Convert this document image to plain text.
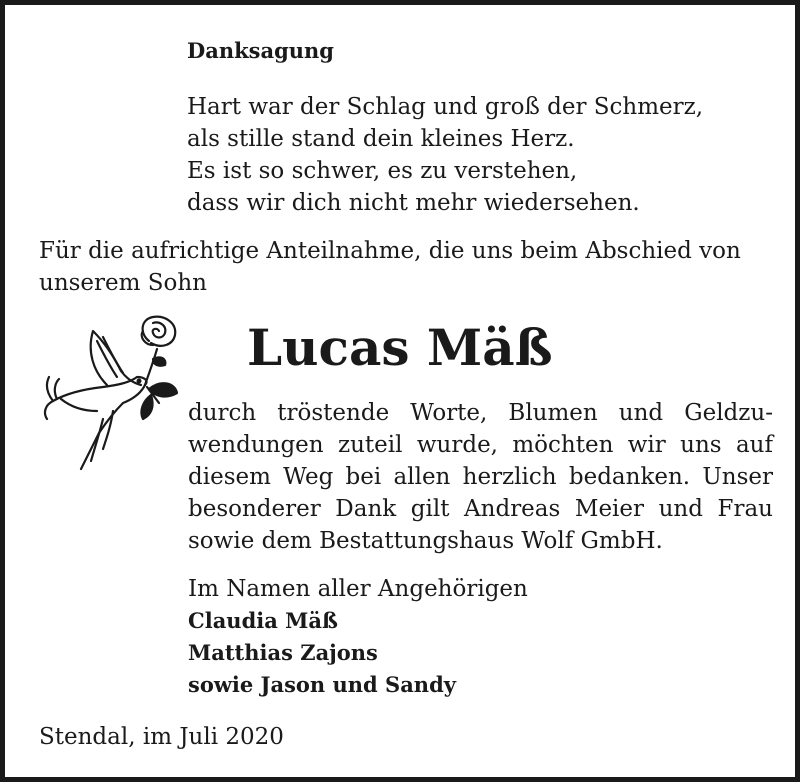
Danksagung
Hart war der Schlag und groß der Schmerz,
als stille stand dein kleines Herz.
Es ist so schwer, es zu verstehen,
dass wir dich nicht mehr wiedersehen.
Für die aufrichtige Anteilnahme, die uns beim Abschied von
unserem Sohn
Lucas Mäß
durch tröstende Worte, Blumen und Geldzu-
wendungen zuteil wurde, möchten wir uns auf
diesem Weg bei allen herzlich bedanken. Unser
besonderer Dank gilt Andreas Meier und Frau
sowie dem Bestattungshaus Wolf GmbH.
Im Namen aller Angehörigen
Claudia Mäß
Matthias Zajons
sowie Jason und Sandy
Stendal, im Juli 2020
